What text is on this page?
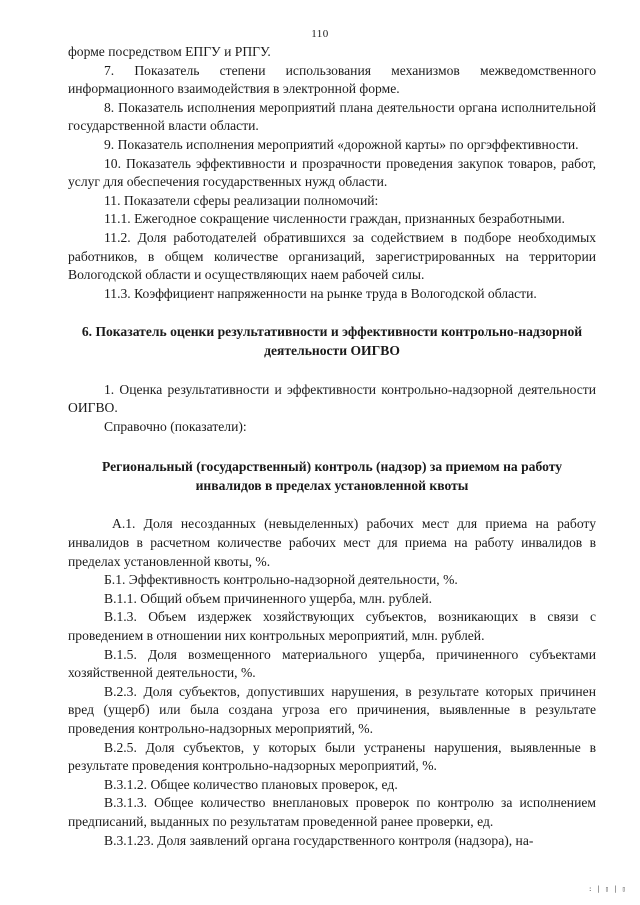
110

форме посредством ЕПГУ и РПГУ.

7. Показатель степени использования механизмов межведомственного информационного взаимодействия в электронной форме.

8. Показатель исполнения мероприятий плана деятельности органа исполнительной государственной власти области.

9. Показатель исполнения мероприятий «дорожной карты» по оргэффективности.

10. Показатель эффективности и прозрачности проведения закупок товаров, работ, услуг для обеспечения государственных нужд области.

11. Показатели сферы реализации полномочий:

11.1. Ежегодное сокращение численности граждан, признанных безработными.

11.2. Доля работодателей обратившихся за содействием в подборе необходимых работников, в общем количестве организаций, зарегистрированных на территории Вологодской области и осуществляющих наем рабочей силы.

11.3. Коэффициент напряженности на рынке труда в Вологодской области.

6. Показатель оценки результативности и эффективности контрольно-надзорной деятельности ОИГВО

1. Оценка результативности и эффективности контрольно-надзорной деятельности ОИГВО.

Справочно (показатели):

Региональный (государственный) контроль (надзор) за приемом на работу инвалидов в пределах установленной квоты

А.1. Доля несозданных (невыделенных) рабочих мест для приема на работу инвалидов в расчетном количестве рабочих мест для приема на работу инвалидов в пределах установленной квоты, %.

Б.1. Эффективность контрольно-надзорной деятельности, %.

В.1.1. Общий объем причиненного ущерба, млн. рублей.

В.1.3. Объем издержек хозяйствующих субъектов, возникающих в связи с проведением в отношении них контрольных мероприятий, млн. рублей.

В.1.5. Доля возмещенного материального ущерба, причиненного субъектами хозяйственной деятельности, %.

В.2.3. Доля субъектов, допустивших нарушения, в результате которых причинен вред (ущерб) или была создана угроза его причинения, выявленные в результате проведения контрольно-надзорных мероприятий, %.

В.2.5. Доля субъектов, у которых были устранены нарушения, выявленные в результате проведения контрольно-надзорных мероприятий, %.

В.3.1.2. Общее количество плановых проверок, ед.

В.3.1.3. Общее количество внеплановых проверок по контролю за исполнением предписаний, выданных по результатам проведенной ранее проверки, ед.

В.3.1.23. Доля заявлений органа государственного контроля (надзора), на-

: | ▯ | ▯
